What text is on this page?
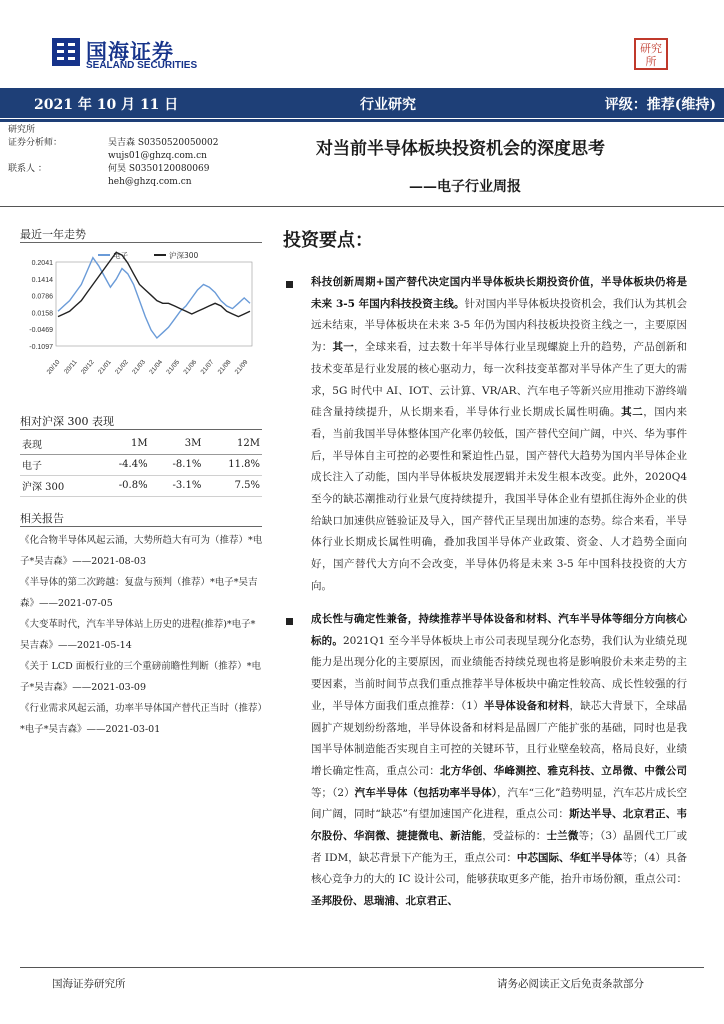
国海证券
SEALAND SECURITIES
研究所
2021 年 10 月 11 日	行业研究	评级：推荐(维持)
研究所
证券分析师：	吴吉森 S0350520050002
wujs01@ghzq.com.cn
联系人 ：	何昊 S0350120080069
heh@ghzq.com.cn
对当前半导体板块投资机会的深度思考
——电子行业周报
最近一年走势
0.2041
0.1414
0.0786
0.0158
-0.0469
-0.1097
20/10 20/11 20/12 21/01 21/02 21/03 21/04 21/05 21/06 21/07 21/08 21/09
电子	沪深300
相对沪深 300 表现
表现	1M	3M	12M
电子	-4.4%	-8.1%	11.8%
沪深 300	-0.8%	-3.1%	7.5%
相关报告
《化合物半导体风起云涌，大势所趋大有可为（推荐）*电子*吴吉森》——2021-08-03
《半导体的第二次跨越：复盘与预判（推荐）*电子*吴吉森》——2021-07-05
《大变革时代，汽车半导体站上历史的进程(推荐)*电子*吴吉森》——2021-05-14
《关于 LCD 面板行业的三个重磅前瞻性判断（推荐）*电子*吴吉森》——2021-03-09
《行业需求风起云涌，功率半导体国产替代正当时（推荐）*电子*吴吉森》——2021-03-01
投资要点：
科技创新周期+国产替代决定国内半导体板块长期投资价值，半导体板块仍将是未来 3-5 年国内科技投资主线。针对国内半导体板块投资机会，我们认为其机会远未结束，半导体板块在未来 3-5 年仍为国内科技板块投资主线之一，主要原因为：其一，全球来看，过去数十年半导体行业呈现螺旋上升的趋势，产品创新和技术变革是行业发展的核心驱动力，每一次科技变革都对半导体产生了更大的需求，5G 时代中 AI、IOT、云计算、VR/AR、汽车电子等新兴应用推动下游终端硅含量持续提升，从长期来看，半导体行业长期成长属性明确。其二，国内来看，当前我国半导体整体国产化率仍较低，国产替代空间广阔，中兴、华为事件后，半导体自主可控的必要性和紧迫性凸显，国产替代大趋势为国内半导体企业成长注入了动能，国内半导体板块发展逻辑并未发生根本改变。此外，2020Q4 至今的缺芯潮推动行业景气度持续提升，我国半导体企业有望抓住海外企业的供给缺口加速供应链验证及导入，国产替代正呈现出加速的态势。综合来看，半导体行业长期成长属性明确，叠加我国半导体产业政策、资金、人才趋势全面向好，国产替代大方向不会改变，半导体仍将是未来 3-5 年中国科技投资的大方向。
成长性与确定性兼备，持续推荐半导体设备和材料、汽车半导体等细分方向核心标的。2021Q1 至今半导体板块上市公司表现呈现分化态势，我们认为业绩兑现能力是出现分化的主要原因，而业绩能否持续兑现也将是影响股价未来走势的主要因素，当前时间节点我们重点推荐半导体板块中确定性较高、成长性较强的行业，半导体方面我们重点推荐：（1）半导体设备和材料，缺芯大背景下，全球晶圆扩产规划纷纷落地，半导体设备和材料是晶圆厂产能扩张的基础，同时也是我国半导体制造能否实现自主可控的关键环节，且行业壁垒较高，格局良好，业绩增长确定性高，重点公司：北方华创、华峰测控、雅克科技、立昂微、中微公司等；（2）汽车半导体（包括功率半导体），汽车“三化”趋势明显，汽车芯片成长空间广阔，同时“缺芯”有望加速国产化进程，重点公司：斯达半导、北京君正、韦尔股份、华润微、捷捷微电、新洁能，受益标的：士兰微等；（3）晶圆代工厂或者 IDM，缺芯背景下产能为王，重点公司：中芯国际、华虹半导体等；（4）具备核心竞争力的大的 IC 设计公司，能够获取更多产能，抬升市场份额，重点公司：圣邦股份、思瑞浦、北京君正、
国海证券研究所	请务必阅读正文后免责条款部分
